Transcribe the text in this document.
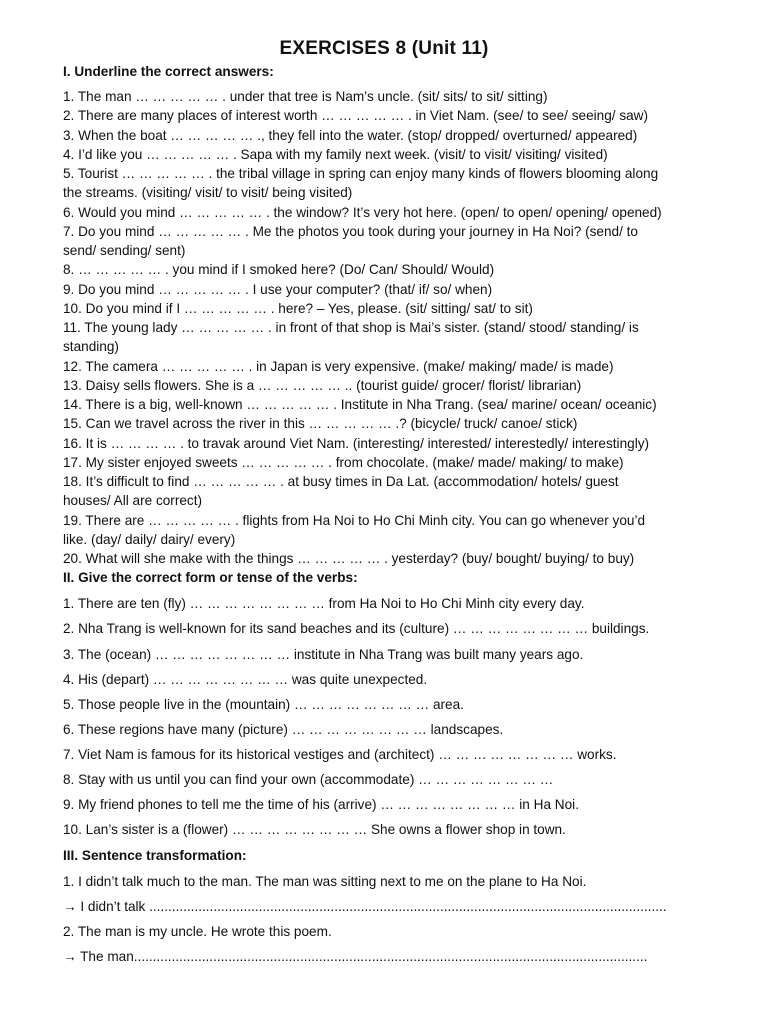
EXERCISES 8 (Unit 11)
I. Underline the correct answers:
1. The man … … … … … . under that tree is Nam’s uncle. (sit/ sits/ to sit/ sitting)
2. There are many places of interest worth … … … … … . in Viet Nam. (see/ to see/ seeing/ saw)
3. When the boat … … … … … ., they fell into the water. (stop/ dropped/ overturned/ appeared)
4. I’d like you … … … … … . Sapa with my family next week. (visit/ to visit/ visiting/ visited)
5. Tourist … … … … … . the tribal village in spring can enjoy many kinds of flowers blooming along
the streams. (visiting/ visit/ to visit/ being visited)
6. Would you mind … … … … … . the window? It’s very hot here. (open/ to open/ opening/ opened)
7. Do you mind … … … … … . Me the photos you took during your journey in Ha Noi? (send/ to
send/ sending/ sent)
8. … … … … … . you mind if I smoked here? (Do/ Can/ Should/ Would)
9. Do you mind … … … … … . I use your computer? (that/ if/ so/ when)
10. Do you mind if I … … … … … . here? – Yes, please. (sit/ sitting/ sat/ to sit)
11. The young lady … … … … … . in front of that shop is Mai’s sister. (stand/ stood/ standing/ is
standing)
12. The camera … … … … … . in Japan is very expensive. (make/ making/ made/ is made)
13. Daisy sells flowers. She is a … … … … … .. (tourist guide/ grocer/ florist/ librarian)
14. There is a big, well-known … … … … … . Institute in Nha Trang. (sea/ marine/ ocean/ oceanic)
15. Can we travel across the river in this … … … … … .? (bicycle/ truck/ canoe/ stick)
16. It is … … … … . to travak around Viet Nam. (interesting/ interested/ interestedly/ interestingly)
17. My sister enjoyed sweets … … … … … . from chocolate. (make/ made/ making/ to make)
18. It’s difficult to find … … … … … . at busy times in Da Lat. (accommodation/ hotels/ guest
houses/ All are correct)
19. There are … … … … … . flights from Ha Noi to Ho Chi Minh city. You can go whenever you’d
like. (day/ daily/ dairy/ every)
20. What will she make with the things … … … … … . yesterday? (buy/ bought/ buying/ to buy)
II. Give the correct form or tense of the verbs:
1. There are ten (fly) … … … … … … … … from Ha Noi to Ho Chi Minh city every day.
2. Nha Trang is well-known for its sand beaches and its (culture) … … … … … … … … buildings.
3. The (ocean) … … … … … … … … institute in Nha Trang was built many years ago.
4. His (depart) … … … … … … … … was quite unexpected.
5. Those people live in the (mountain) … … … … … … … … area.
6. These regions have many (picture) … … … … … … … … landscapes.
7. Viet Nam is famous for its historical vestiges and (architect) … … … … … … … … works.
8. Stay with us until you can find your own (accommodate) … … … … … … … …
9. My friend phones to tell me the time of his (arrive) … … … … … … … … in Ha Noi.
10. Lan’s sister is a (flower) … … … … … … … … She owns a flower shop in town.
III. Sentence transformation:
1. I didn’t talk much to the man. The man was sitting next to me on the plane to Ha Noi.
→ I didn’t talk .........................................................................................................................................
2. The man is my uncle. He wrote this poem.
→ The man........................................................................................................................................
